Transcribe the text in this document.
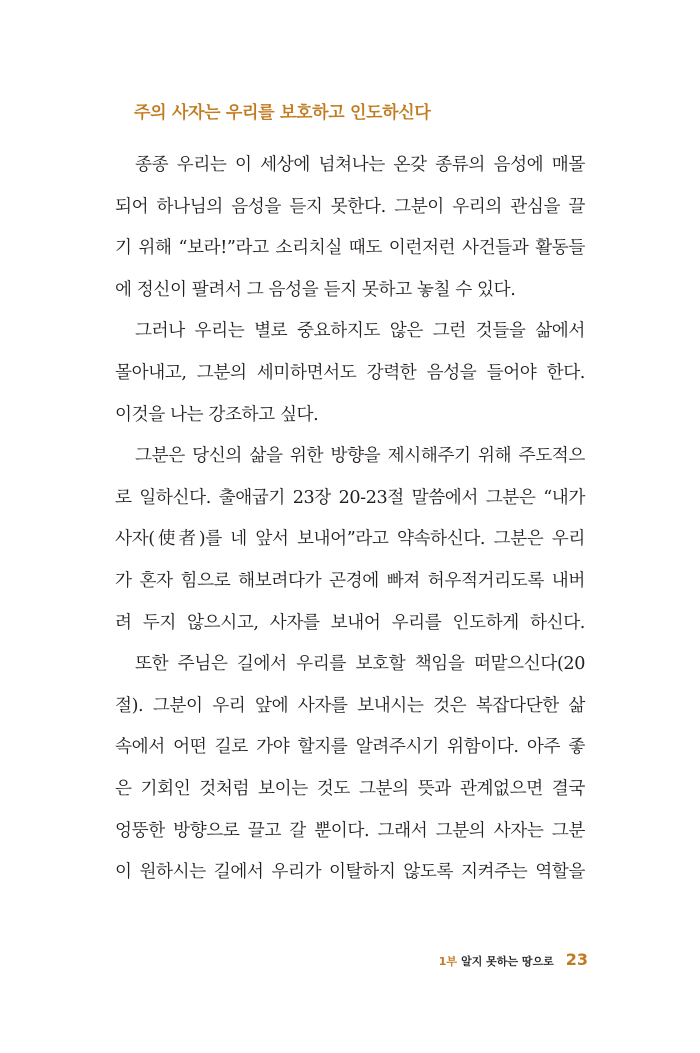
주의 사자는 우리를 보호하고 인도하신다
종종 우리는 이 세상에 넘쳐나는 온갖 종류의 음성에 매몰
되어 하나님의 음성을 듣지 못한다. 그분이 우리의 관심을 끌
기 위해 “보라!”라고 소리치실 때도 이런저런 사건들과 활동들
에 정신이 팔려서 그 음성을 듣지 못하고 놓칠 수 있다.
그러나 우리는 별로 중요하지도 않은 그런 것들을 삶에서
몰아내고, 그분의 세미하면서도 강력한 음성을 들어야 한다.
이것을 나는 강조하고 싶다.
그분은 당신의 삶을 위한 방향을 제시해주기 위해 주도적으
로 일하신다. 출애굽기 23장 20-23절 말씀에서 그분은 “내가
사자(使者)를 네 앞서 보내어”라고 약속하신다. 그분은 우리
가 혼자 힘으로 해보려다가 곤경에 빠져 허우적거리도록 내버
려 두지 않으시고, 사자를 보내어 우리를 인도하게 하신다.
또한 주님은 길에서 우리를 보호할 책임을 떠맡으신다(20
절). 그분이 우리 앞에 사자를 보내시는 것은 복잡다단한 삶
속에서 어떤 길로 가야 할지를 알려주시기 위함이다. 아주 좋
은 기회인 것처럼 보이는 것도 그분의 뜻과 관계없으면 결국
엉뚱한 방향으로 끌고 갈 뿐이다. 그래서 그분의 사자는 그분
이 원하시는 길에서 우리가 이탈하지 않도록 지켜주는 역할을
1부 알지 못하는 땅으로 23
